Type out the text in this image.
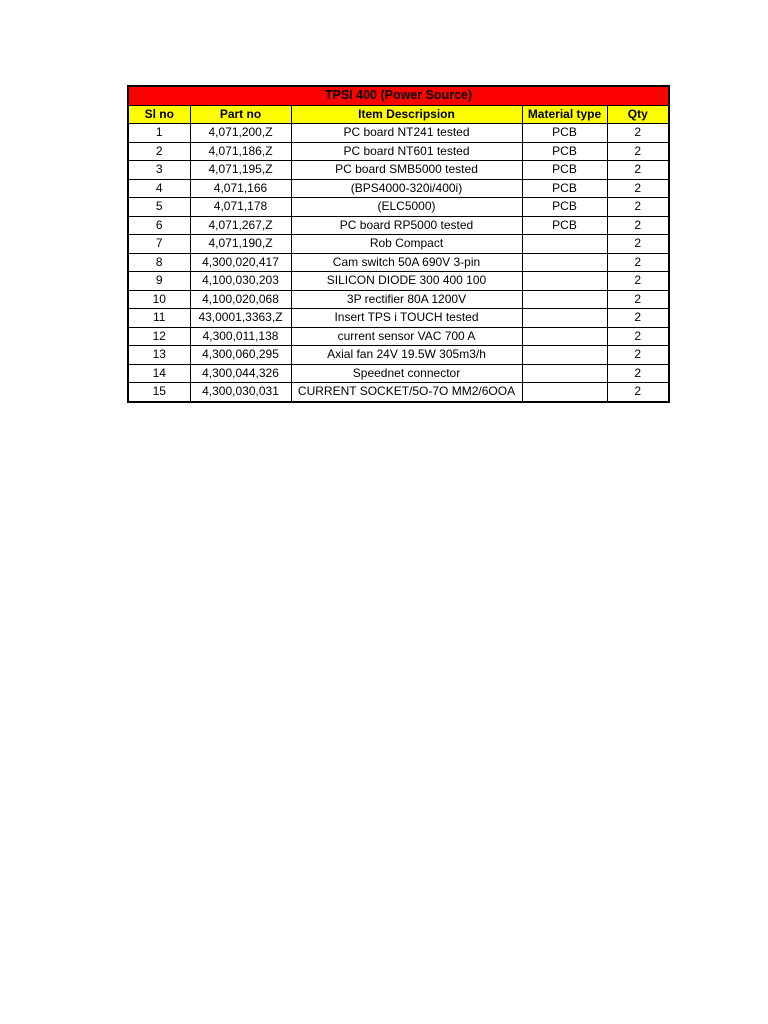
TPSI 400 (Power Source)				
Sl no	Part no	Item Descripsion	Material type	Qty
1	4,071,200,Z	PC board NT241 tested	PCB	2
2	4,071,186,Z	PC board NT601 tested	PCB	2
3	4,071,195,Z	PC board SMB5000 tested	PCB	2
4	4,071,166	(BPS4000-320i/400i)	PCB	2
5	4,071,178	(ELC5000)	PCB	2
6	4,071,267,Z	PC board RP5000 tested	PCB	2
7	4,071,190,Z	Rob Compact		2
8	4,300,020,417	Cam switch 50A 690V 3-pin		2
9	4,100,030,203	SILICON DIODE 300 400 100		2
10	4,100,020,068	3P rectifier 80A 1200V		2
11	43,0001,3363,Z	Insert TPS i TOUCH tested		2
12	4,300,011,138	current sensor VAC 700 A		2
13	4,300,060,295	Axial fan 24V 19.5W 305m3/h		2
14	4,300,044,326	Speednet connector		2
15	4,300,030,031	CURRENT SOCKET/5O-7O MM2/6OOA		2
